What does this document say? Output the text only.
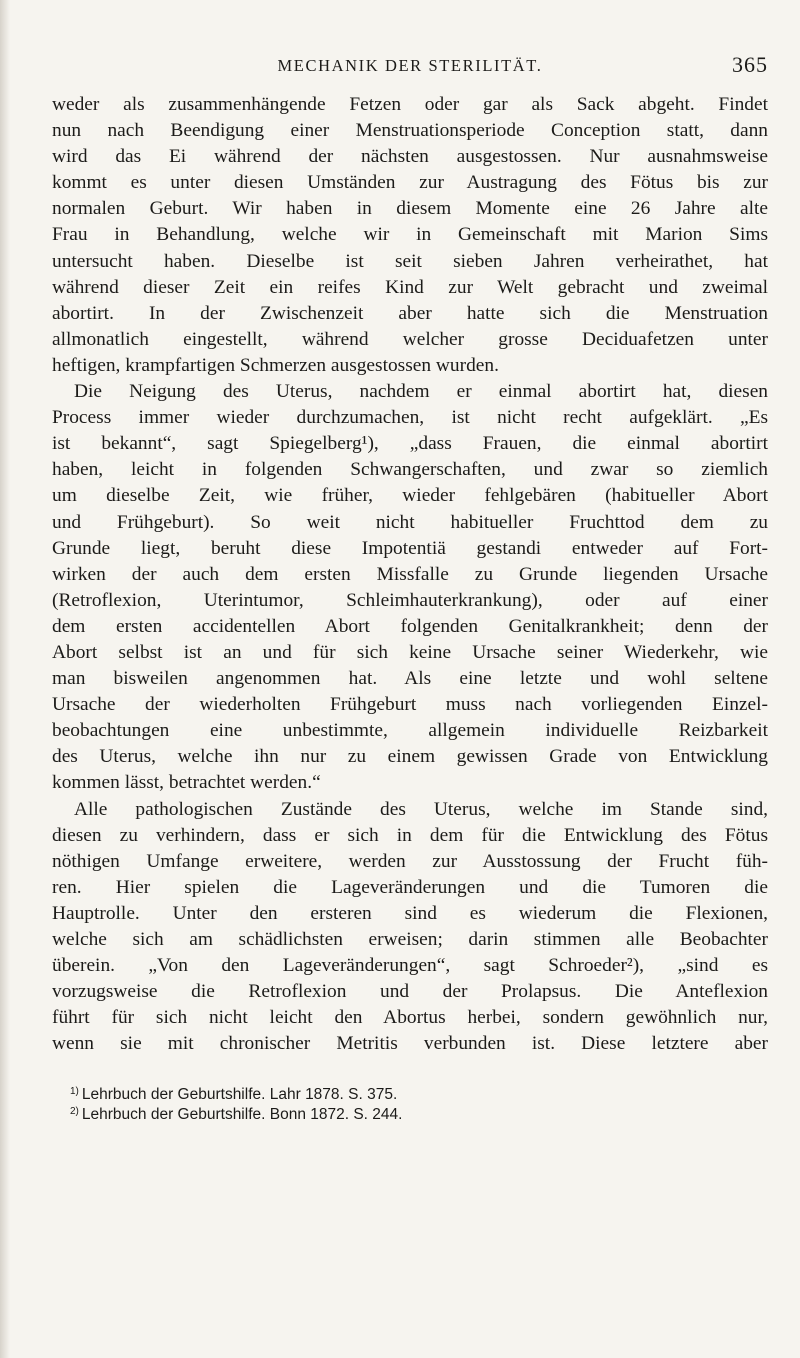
MECHANIK DER STERILITÄT.	365
weder als zusammenhängende Fetzen oder gar als Sack abgeht. Findet
nun nach Beendigung einer Menstruationsperiode Conception statt, dann
wird das Ei während der nächsten ausgestossen. Nur ausnahmsweise
kommt es unter diesen Umständen zur Austragung des Fötus bis zur
normalen Geburt. Wir haben in diesem Momente eine 26 Jahre alte
Frau in Behandlung, welche wir in Gemeinschaft mit Marion Sims
untersucht haben. Dieselbe ist seit sieben Jahren verheirathet, hat
während dieser Zeit ein reifes Kind zur Welt gebracht und zweimal
abortirt. In der Zwischenzeit aber hatte sich die Menstruation
allmonatlich eingestellt, während welcher grosse Deciduafetzen unter
heftigen, krampfartigen Schmerzen ausgestossen wurden.
Die Neigung des Uterus, nachdem er einmal abortirt hat, diesen
Process immer wieder durchzumachen, ist nicht recht aufgeklärt. „Es
ist bekannt“, sagt Spiegelberg¹), „dass Frauen, die einmal abortirt
haben, leicht in folgenden Schwangerschaften, und zwar so ziemlich
um dieselbe Zeit, wie früher, wieder fehlgebären (habitueller Abort
und Frühgeburt). So weit nicht habitueller Fruchttod dem zu
Grunde liegt, beruht diese Impotentiä gestandi entweder auf Fort-
wirken der auch dem ersten Missfalle zu Grunde liegenden Ursache
(Retroflexion, Uterintumor, Schleimhauterkrankung), oder auf einer
dem ersten accidentellen Abort folgenden Genitalkrankheit; denn der
Abort selbst ist an und für sich keine Ursache seiner Wiederkehr, wie
man bisweilen angenommen hat. Als eine letzte und wohl seltene
Ursache der wiederholten Frühgeburt muss nach vorliegenden Einzel-
beobachtungen eine unbestimmte, allgemein individuelle Reizbarkeit
des Uterus, welche ihn nur zu einem gewissen Grade von Entwicklung
kommen lässt, betrachtet werden.“
Alle pathologischen Zustände des Uterus, welche im Stande sind,
diesen zu verhindern, dass er sich in dem für die Entwicklung des Fötus
nöthigen Umfange erweitere, werden zur Ausstossung der Frucht füh-
ren. Hier spielen die Lageveränderungen und die Tumoren die
Hauptrolle. Unter den ersteren sind es wiederum die Flexionen,
welche sich am schädlichsten erweisen; darin stimmen alle Beobachter
überein. „Von den Lageveränderungen“, sagt Schroeder²), „sind es
vorzugsweise die Retroflexion und der Prolapsus. Die Anteflexion
führt für sich nicht leicht den Abortus herbei, sondern gewöhnlich nur,
wenn sie mit chronischer Metritis verbunden ist. Diese letztere aber
$^{1)}$ Lehrbuch der Geburtshilfe. Lahr 1878. S. 375.
$^{2)}$ Lehrbuch der Geburtshilfe. Bonn 1872. S. 244.
